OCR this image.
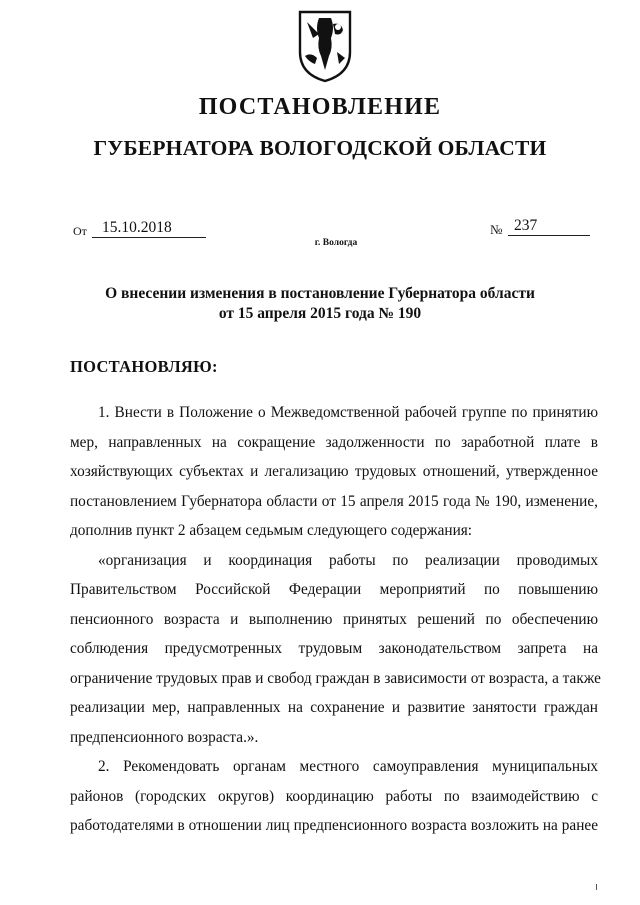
ПОСТАНОВЛЕНИЕ
ГУБЕРНАТОРА ВОЛОГОДСКОЙ ОБЛАСТИ
От 15.10.2018	№ 237
г. Вологда

О внесении изменения в постановление Губернатора области

от 15 апреля 2015 года № 190

ПОСТАНОВЛЯЮ:

1. Внести в Положение о Межведомственной рабочей группе по принятию
мер, направленных на сокращение задолженности по заработной плате в
хозяйствующих субъектах и легализацию трудовых отношений, утвержденное
постановлением Губернатора области от 15 апреля 2015 года № 190, изменение,
дополнив пункт 2 абзацем седьмым следующего содержания:

«организация и координация работы по реализации проводимых
Правительством Российской Федерации мероприятий по повышению
пенсионного возраста и выполнению принятых решений по обеспечению
соблюдения предусмотренных трудовым законодательством запрета на
ограничение трудовых прав и свобод граждан в зависимости от возраста, а также
реализации мер, направленных на сохранение и развитие занятости граждан
предпенсионного возраста.».

2. Рекомендовать органам местного самоуправления муниципальных
районов (городских округов) координацию работы по взаимодействию с
работодателями в отношении лиц предпенсионного возраста возложить на ранее
